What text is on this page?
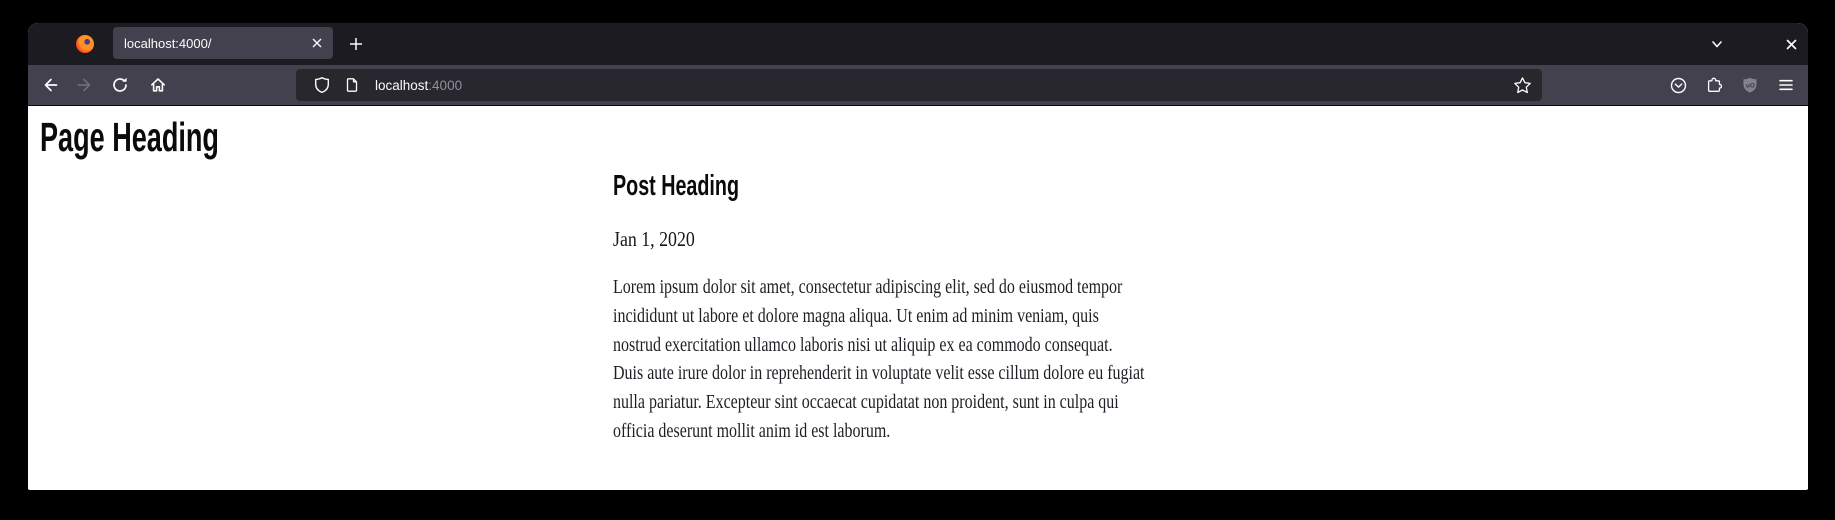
localhost:4000/
localhost:4000	uO
Page Heading
Post Heading
Jan 1, 2020
Lorem ipsum dolor sit amet, consectetur adipiscing elit, sed do eiusmod tempor
incididunt ut labore et dolore magna aliqua. Ut enim ad minim veniam, quis
nostrud exercitation ullamco laboris nisi ut aliquip ex ea commodo consequat.
Duis aute irure dolor in reprehenderit in voluptate velit esse cillum dolore eu fugiat
nulla pariatur. Excepteur sint occaecat cupidatat non proident, sunt in culpa qui
officia deserunt mollit anim id est laborum.
